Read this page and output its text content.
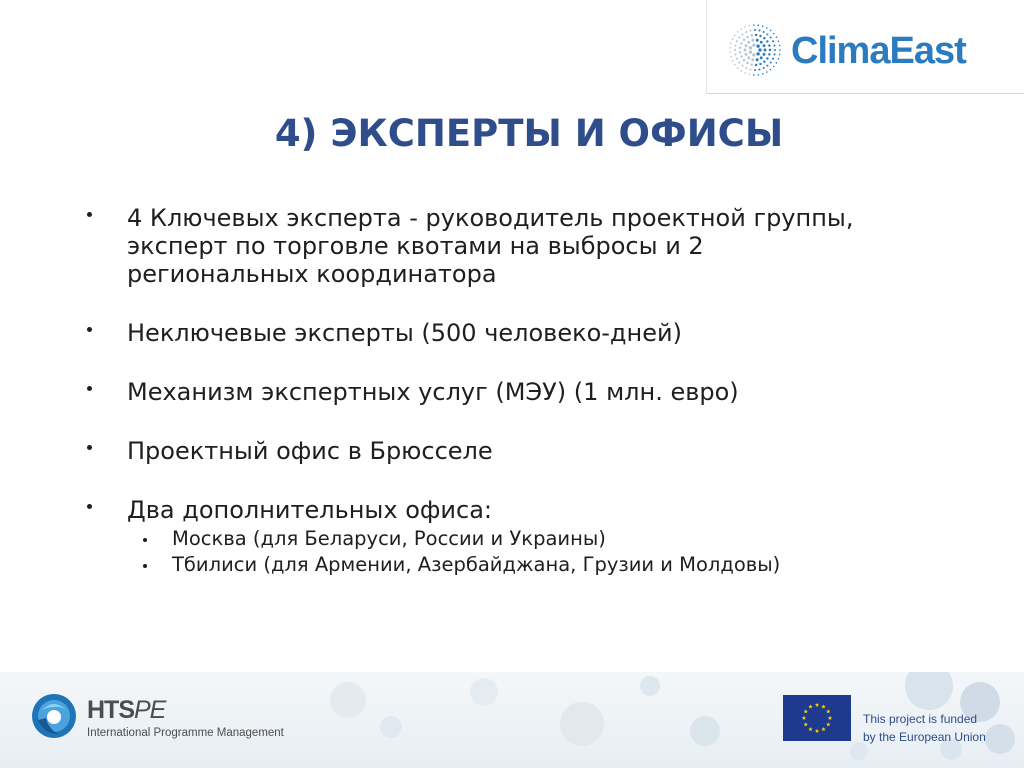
ClimaEast
4) ЭКСПЕРТЫ И ОФИСЫ
4 Ключевых эксперта - руководитель проектной группы,
эксперт по торговле квотами на выбросы и 2
региональных координатора
Неключевые эксперты (500 человеко-дней)
Механизм экспертных услуг (МЭУ) (1 млн. евро)
Проектный офис в Брюсселе
Два дополнительных офиса:
Москва (для Беларуси, России и Украины)
Тбилиси (для Армении, Азербайджана, Грузии и Молдовы)
HTSPE
International Programme Management
This project is funded
by the European Union
